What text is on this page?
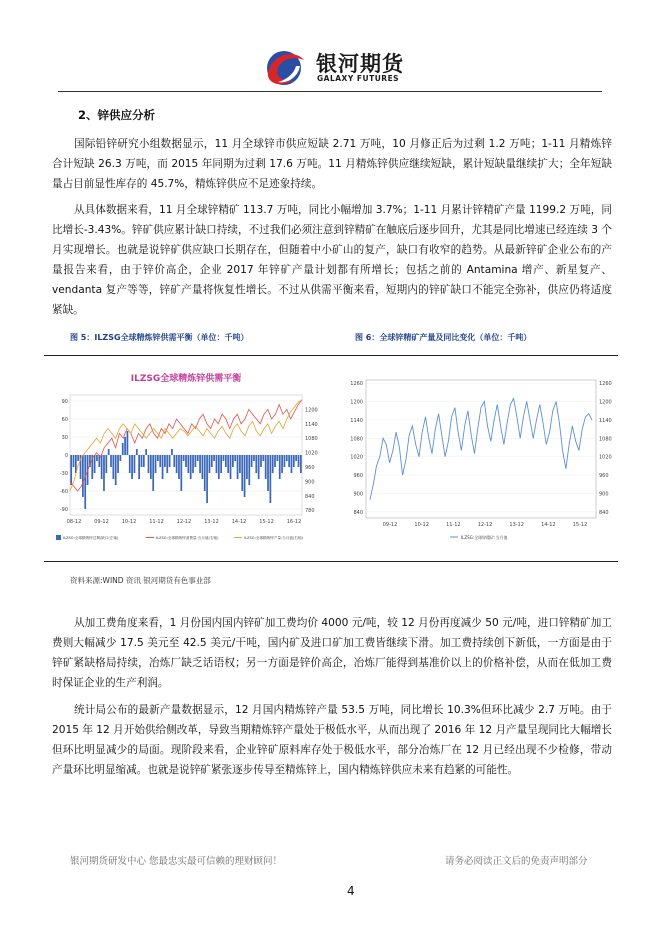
银河期货
GALAXY FUTURES
2、锌供应分析

国际铅锌研究小组数据显示，11 月全球锌市供应短缺 2.71 万吨，10 月修正后为过剩 1.2 万吨；1-11 月精炼锌合计短缺 26.3 万吨，而 2015 年同期为过剩 17.6 万吨。11 月精炼锌供应继续短缺，累计短缺量继续扩大；全年短缺量占目前显性库存的 45.7%，精炼锌供应不足迹象持续。

从具体数据来看，11 月全球锌精矿 113.7 万吨，同比小幅增加 3.7%；1-11 月累计锌精矿产量 1199.2 万吨，同比增长-3.43%。锌矿供应累计缺口持续，不过我们必须注意到锌精矿在触底后逐步回升，尤其是同比增速已经连续 3 个月实现增长。也就是说锌矿供应缺口长期存在，但随着中小矿山的复产，缺口有收窄的趋势。从最新锌矿企业公布的产量报告来看，由于锌价高企，企业 2017 年锌矿产量计划都有所增长；包括之前的 Antamina 增产、新星复产、vendanta 复产等等，锌矿产量将恢复性增长。不过从供需平衡来看，短期内的锌矿缺口不能完全弥补，供应仍将适度紧缺。

图 5：ILZSG全球精炼锌供需平衡（单位：千吨）	图 6：全球锌精矿产量及同比变化（单位：千吨）
ILZSG全球精炼锌供需平衡
90
60
30
0
-30
-60
-90
1200
1140
1080
1020
960
900
840
780
08-12	09-12	10-12	11-12	12-12	13-12	14-12	15-12	16-12
ILZSG:全球精炼锌过剩/缺口(左轴)	ILZSG:全球精炼锌消费量:当月值(右轴)	ILZSG:全球精炼锌产量:当月值(右轴)
1260
1200
1140
1080
1020
960
900
840
1260
1200
1140
1080
1020
960
900
840
09-12	10-12	11-12	12-12	13-12	14-12	15-12
ILZSG:全球锌精矿:当月值
资料来源:WIND 资讯 银河期货有色事业部

从加工费角度来看，1 月份国内国内锌矿加工费均价 4000 元/吨，较 12 月份再度减少 50 元/吨，进口锌精矿加工费则大幅减少 17.5 美元至 42.5 美元/干吨，国内矿及进口矿加工费皆继续下滑。加工费持续创下新低，一方面是由于锌矿紧缺格局持续，冶炼厂缺乏话语权；另一方面是锌价高企，冶炼厂能得到基准价以上的价格补偿，从而在低加工费时保证企业的生产利润。

统计局公布的最新产量数据显示，12 月国内精炼锌产量 53.5 万吨，同比增长 10.3%但环比减少 2.7 万吨。由于 2015 年 12 月开始供给侧改革，导致当期精炼锌产量处于极低水平，从而出现了 2016 年 12 月产量呈现同比大幅增长但环比明显减少的局面。现阶段来看，企业锌矿原料库存处于极低水平，部分冶炼厂在 12 月已经出现不少检修，带动产量环比明显缩减。也就是说锌矿紧张逐步传导至精炼锌上，国内精炼锌供应未来有趋紧的可能性。

银河期货研发中心 您最忠实最可信赖的理财顾问！	请务必阅读正文后的免责声明部分
4
